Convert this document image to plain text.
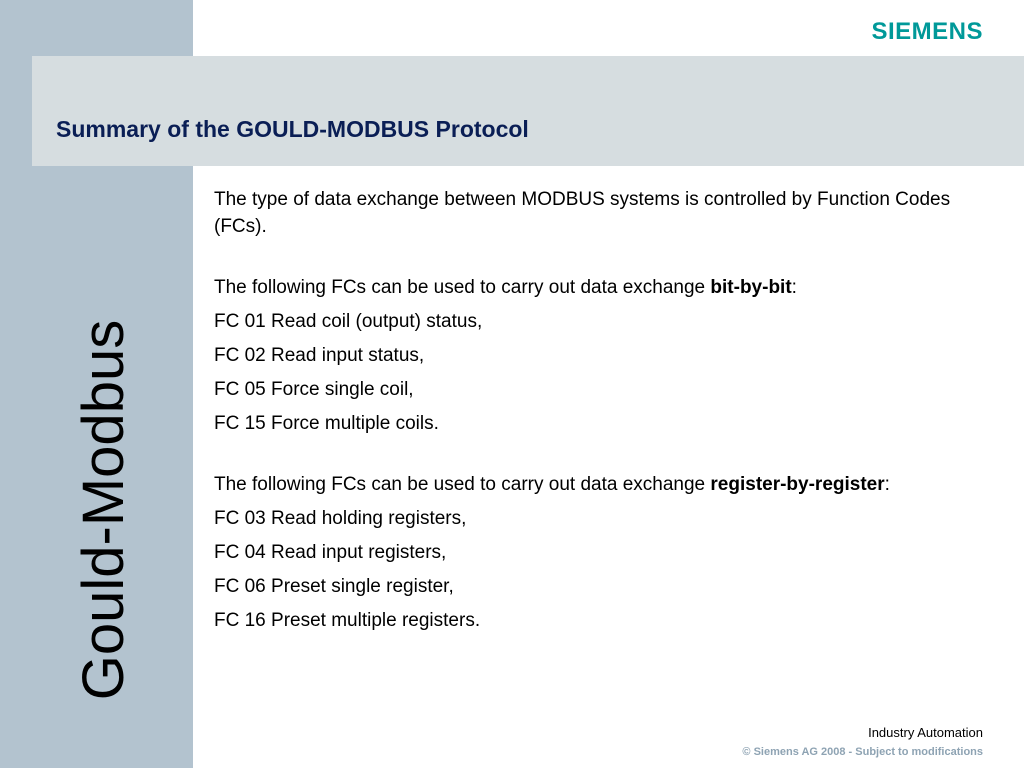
SIEMENS
Summary of the GOULD-MODBUS Protocol
Gould-Modbus

The type of data exchange between MODBUS systems is controlled by Function Codes (FCs).

The following FCs can be used to carry out data exchange bit-by-bit:

FC 01 Read coil (output) status,

FC 02 Read input status,

FC 05 Force single coil,

FC 15 Force multiple coils.

The following FCs can be used to carry out data exchange register-by-register:

FC 03 Read holding registers,

FC 04 Read input registers,

FC 06 Preset single register,

FC 16 Preset multiple registers.

Industry Automation
© Siemens AG 2008 - Subject to modifications
